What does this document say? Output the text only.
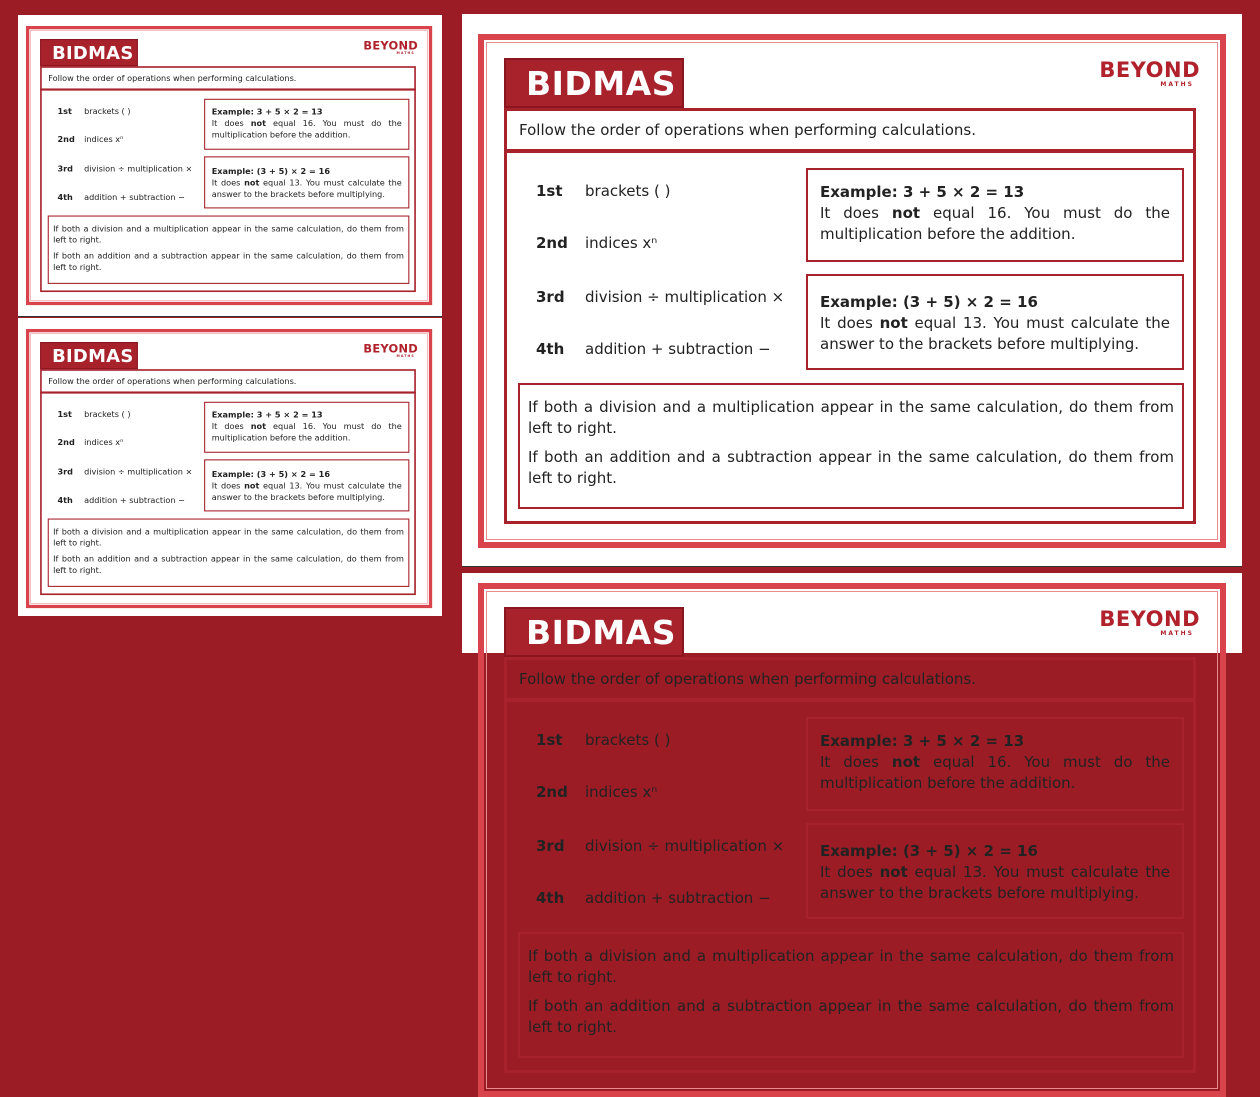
BIDMAS	BEYOND
MATHS
Follow the order of operations when performing calculations.
1st brackets ( )
2nd indices xⁿ
3rd division ÷ multiplication ×
4th addition + subtraction −
Example: 3 + 5 × 2 = 13
It does not equal 16. You must do the multiplication before the addition.
Example: (3 + 5) × 2 = 16
It does not equal 13. You must calculate the answer to the brackets before multiplying.

If both a division and a multiplication appear in the same calculation, do them from left to right.

If both an addition and a subtraction appear in the same calculation, do them from left to right.

BIDMAS	BEYOND
MATHS
Follow the order of operations when performing calculations.
1st brackets ( )
2nd indices xⁿ
3rd division ÷ multiplication ×
4th addition + subtraction −
Example: 3 + 5 × 2 = 13
It does not equal 16. You must do the multiplication before the addition.
Example: (3 + 5) × 2 = 16
It does not equal 13. You must calculate the answer to the brackets before multiplying.

If both a division and a multiplication appear in the same calculation, do them from left to right.

If both an addition and a subtraction appear in the same calculation, do them from left to right.

BIDMAS	BEYOND
MATHS
Follow the order of operations when performing calculations.
1st brackets ( )
2nd indices xⁿ
3rd division ÷ multiplication ×
4th addition + subtraction −
Example: 3 + 5 × 2 = 13
It does not equal 16. You must do the multiplication before the addition.
Example: (3 + 5) × 2 = 16
It does not equal 13. You must calculate the answer to the brackets before multiplying.

If both a division and a multiplication appear in the same calculation, do them from left to right.

If both an addition and a subtraction appear in the same calculation, do them from left to right.

BIDMAS	BEYOND
MATHS
Follow the order of operations when performing calculations.
1st brackets ( )
2nd indices xⁿ
3rd division ÷ multiplication ×
4th addition + subtraction −
Example: 3 + 5 × 2 = 13
It does not equal 16. You must do the multiplication before the addition.
Example: (3 + 5) × 2 = 16
It does not equal 13. You must calculate the answer to the brackets before multiplying.

If both a division and a multiplication appear in the same calculation, do them from left to right.

If both an addition and a subtraction appear in the same calculation, do them from left to right.
